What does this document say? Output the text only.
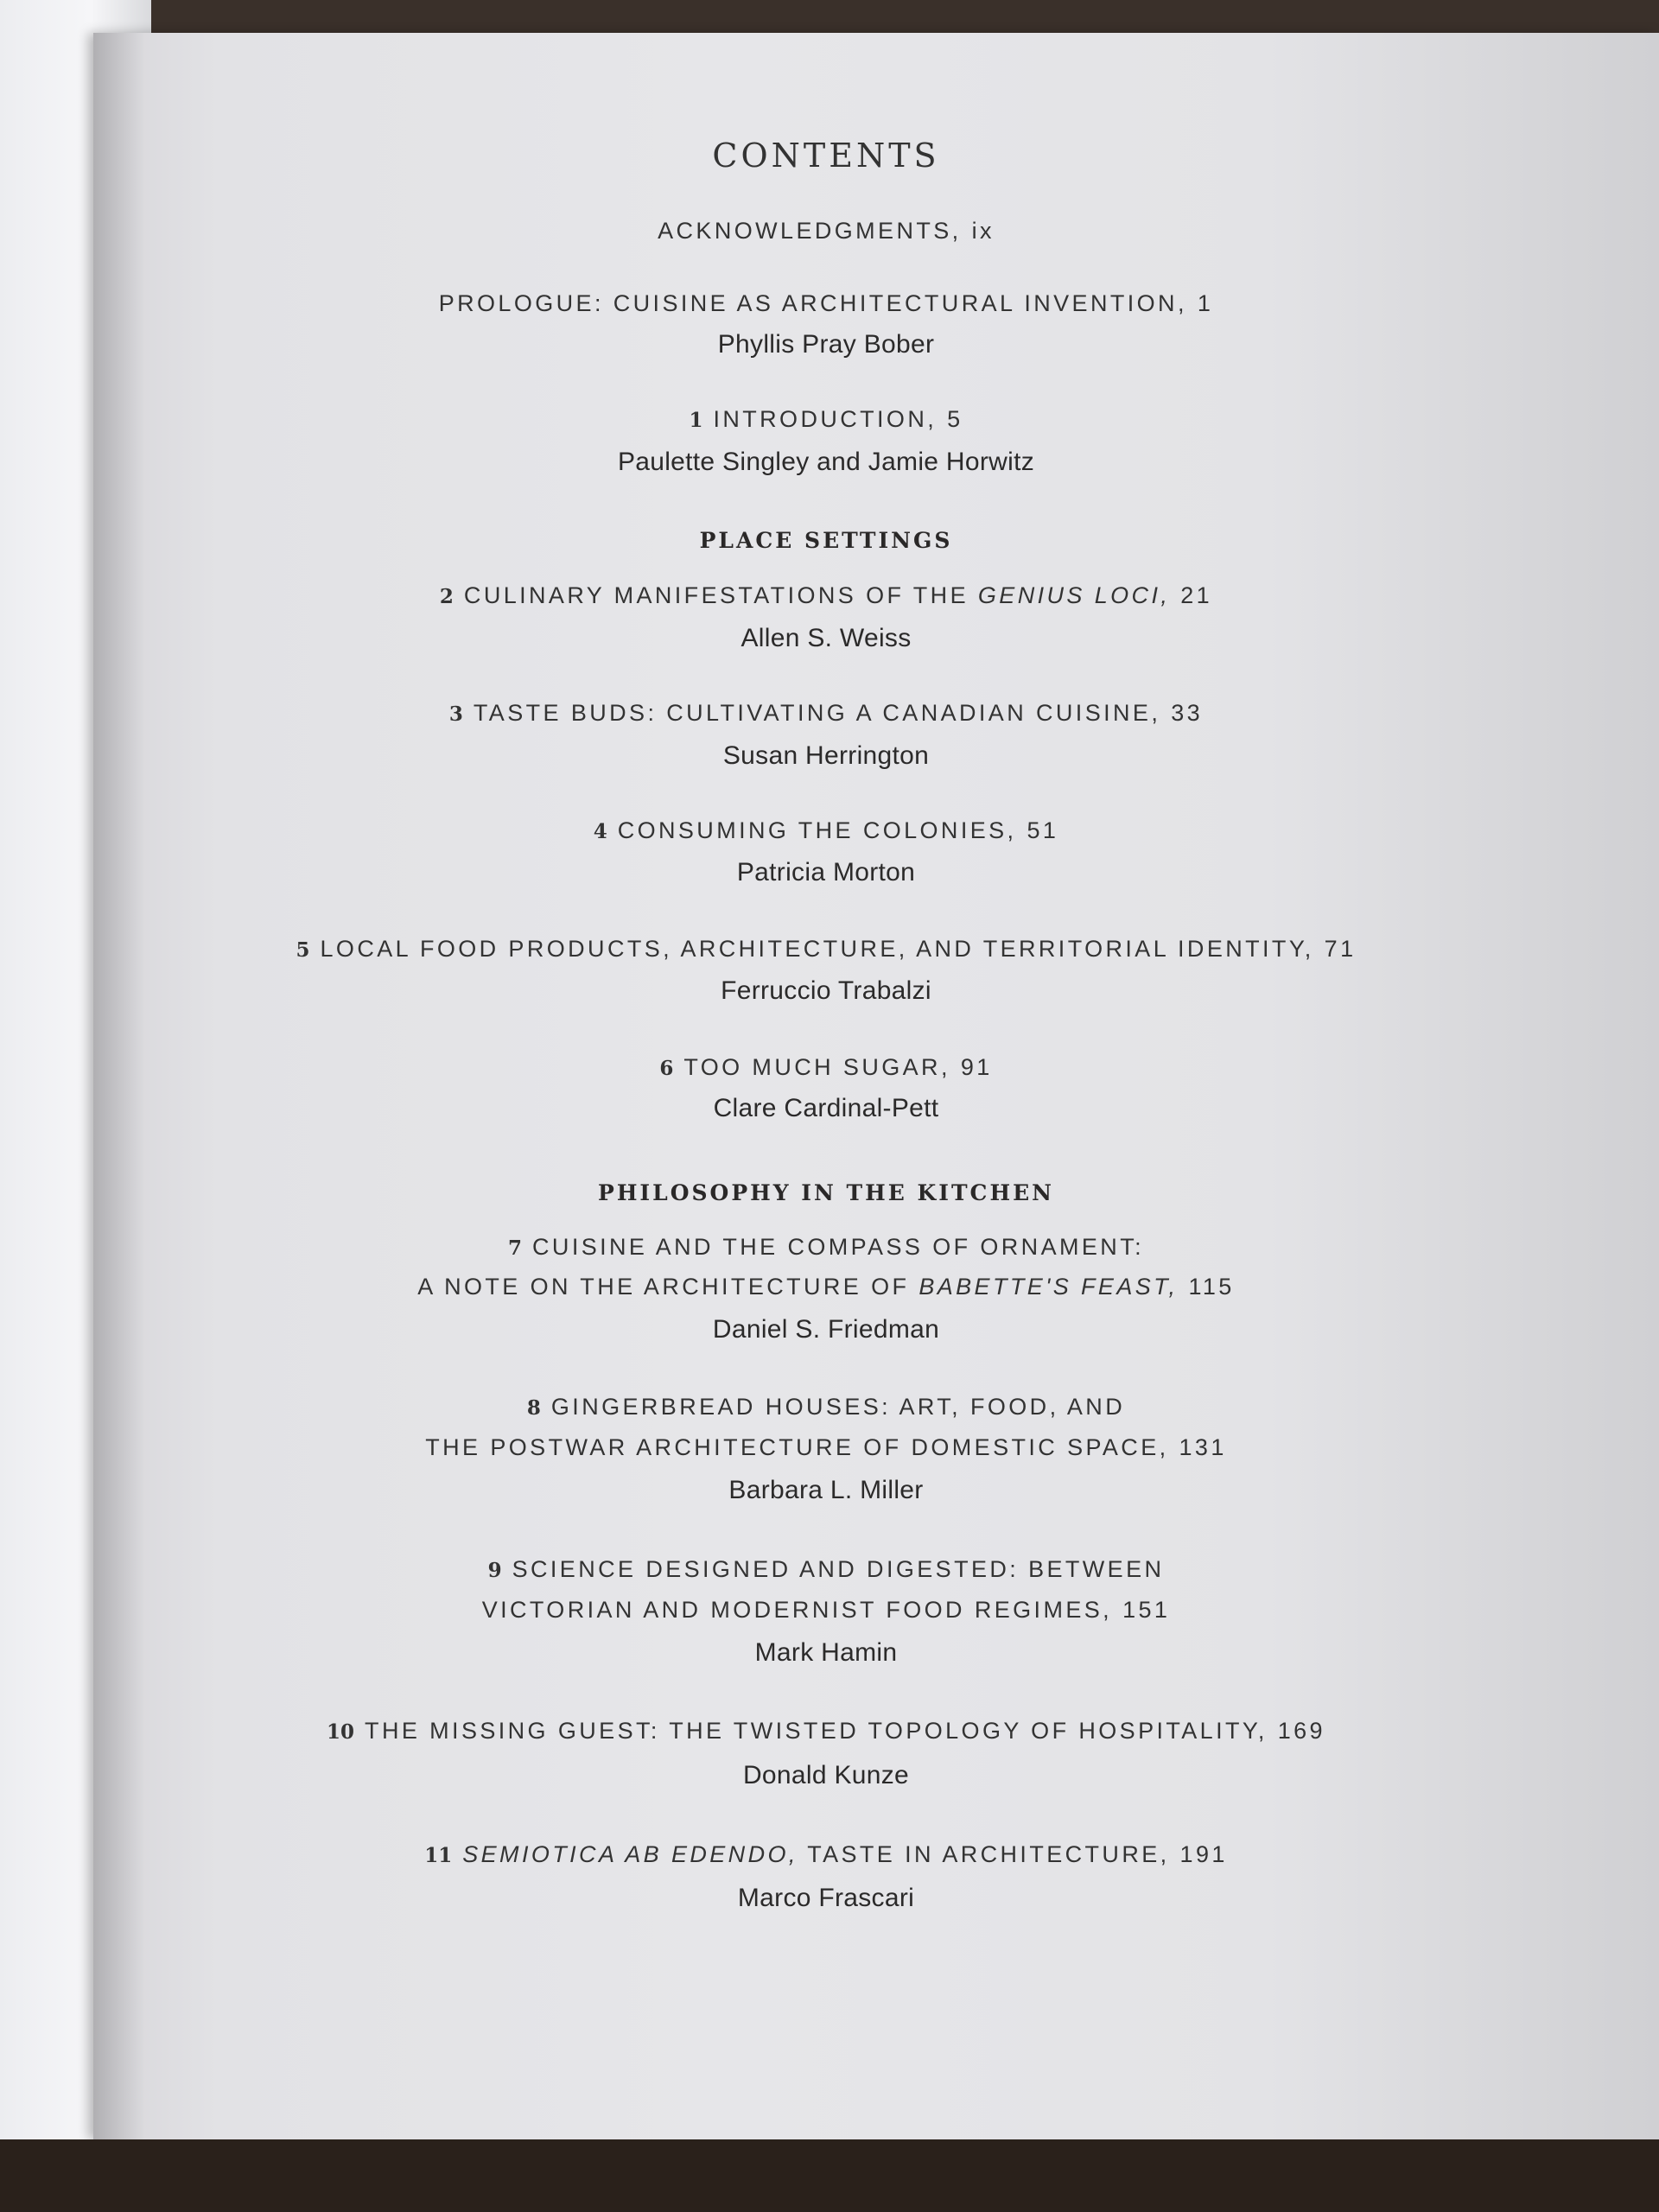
CONTENTS
ACKNOWLEDGMENTS, ix
PROLOGUE: CUISINE AS ARCHITECTURAL INVENTION, 1
Phyllis Pray Bober
1 INTRODUCTION, 5
Paulette Singley and Jamie Horwitz
PLACE SETTINGS
2 CULINARY MANIFESTATIONS OF THE GENIUS LOCI, 21
Allen S. Weiss
3 TASTE BUDS: CULTIVATING A CANADIAN CUISINE, 33
Susan Herrington
4 CONSUMING THE COLONIES, 51
Patricia Morton
5 LOCAL FOOD PRODUCTS, ARCHITECTURE, AND TERRITORIAL IDENTITY, 71
Ferruccio Trabalzi
6 TOO MUCH SUGAR, 91
Clare Cardinal-Pett
PHILOSOPHY IN THE KITCHEN
7 CUISINE AND THE COMPASS OF ORNAMENT:
A NOTE ON THE ARCHITECTURE OF BABETTE'S FEAST, 115
Daniel S. Friedman
8 GINGERBREAD HOUSES: ART, FOOD, AND
THE POSTWAR ARCHITECTURE OF DOMESTIC SPACE, 131
Barbara L. Miller
9 SCIENCE DESIGNED AND DIGESTED: BETWEEN
VICTORIAN AND MODERNIST FOOD REGIMES, 151
Mark Hamin
10 THE MISSING GUEST: THE TWISTED TOPOLOGY OF HOSPITALITY, 169
Donald Kunze
11 SEMIOTICA AB EDENDO, TASTE IN ARCHITECTURE, 191
Marco Frascari
